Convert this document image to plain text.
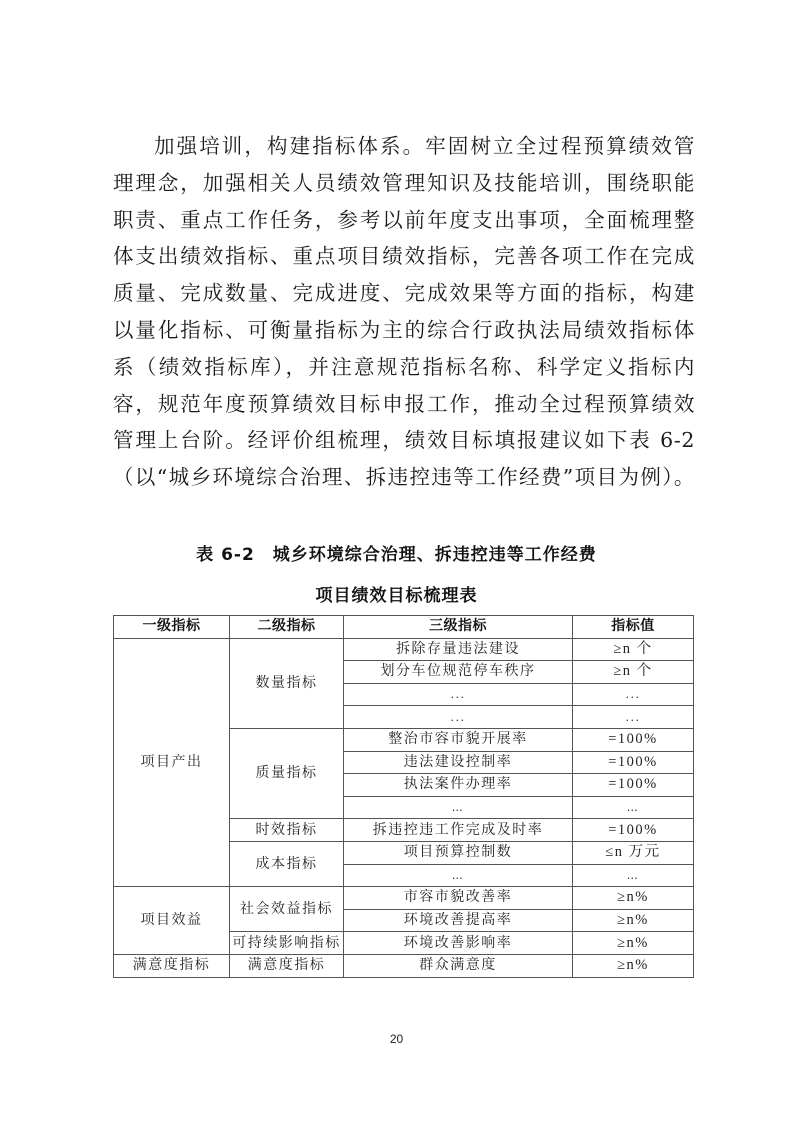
加强培训，构建指标体系。牢固树立全过程预算绩效管
理理念，加强相关人员绩效管理知识及技能培训，围绕职能
职责、重点工作任务，参考以前年度支出事项，全面梳理整
体支出绩效指标、重点项目绩效指标，完善各项工作在完成
质量、完成数量、完成进度、完成效果等方面的指标，构建
以量化指标、可衡量指标为主的综合行政执法局绩效指标体
系（绩效指标库），并注意规范指标名称、科学定义指标内
容，规范年度预算绩效目标申报工作，推动全过程预算绩效
管理上台阶。经评价组梳理，绩效目标填报建议如下表 6-2
（以“城乡环境综合治理、拆违控违等工作经费”项目为例）。
表 6-2　城乡环境综合治理、拆违控违等工作经费
项目绩效目标梳理表
一级指标	二级指标	三级指标	指标值
项目产出	数量指标	拆除存量违法建设	≥n 个
		划分车位规范停车秩序	≥n 个
		...	...
		...	...
	质量指标	整治市容市貌开展率	=100%
		违法建设控制率	=100%
		执法案件办理率	=100%
		…	…
	时效指标	拆违控违工作完成及时率	=100%
	成本指标	项目预算控制数	≤n 万元
		…	…
项目效益	社会效益指标	市容市貌改善率	≥n%
		环境改善提高率	≥n%
	可持续影响指标	环境改善影响率	≥n%
满意度指标	满意度指标	群众满意度	≥n%
20
